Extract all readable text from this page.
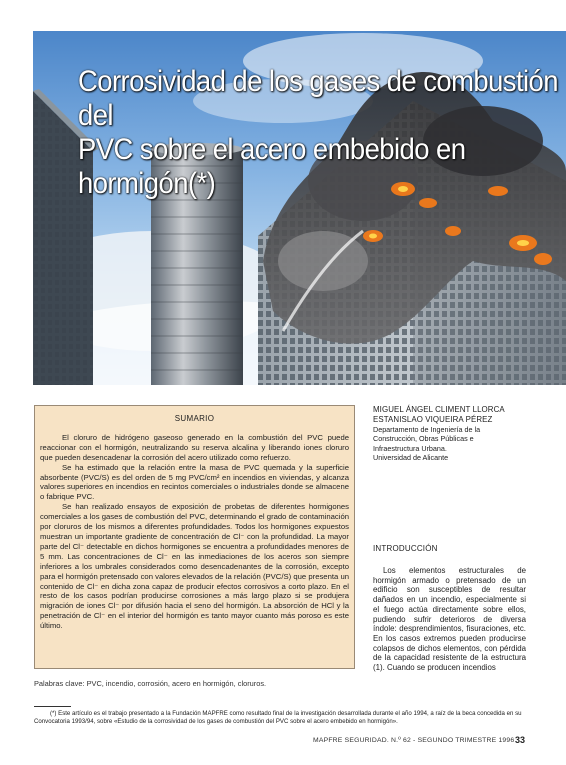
Corrosividad de los gases de combustión del
PVC sobre el acero embebido en hormigón(*)
SUMARIO

El cloruro de hidrógeno gaseoso generado en la combustión del PVC puede reaccionar con el hormigón, neutralizando su reserva alcalina y liberando iones cloruro que pueden desencadenar la corrosión del acero utilizado como refuerzo.

Se ha estimado que la relación entre la masa de PVC quemada y la superficie absorbente (PVC/S) es del orden de 5 mg PVC/cm² en incendios en viviendas, y alcanza valores superiores en incendios en recintos comerciales o industriales donde se almacene o fabrique PVC.

Se han realizado ensayos de exposición de probetas de diferentes hormigones comerciales a los gases de combustión del PVC, determinando el grado de contaminación por cloruros de los mismos a diferentes profundidades. Todos los hormigones expuestos muestran un importante gradiente de concentración de Cl⁻ con la profundidad. La mayor parte del Cl⁻ detectable en dichos hormigones se encuentra a profundidades menores de 5 mm. Las concentraciones de Cl⁻ en las inmediaciones de los aceros son siempre inferiores a los umbrales considerados como desencadenantes de la corrosión, excepto para el hormigón pretensado con valores elevados de la relación (PVC/S) que presenta un contenido de Cl⁻ en dicha zona capaz de producir efectos corrosivos a corto plazo. En el resto de los casos podrían producirse corrosiones a más largo plazo si se produjera migración de iones Cl⁻ por difusión hacia el seno del hormigón. La absorción de HCl y la penetración de Cl⁻ en el interior del hormigón es tanto mayor cuanto más poroso es este último.

Palabras clave: PVC, incendio, corrosión, acero en hormigón, cloruros.
MIGUEL ÁNGEL CLIMENT LLORCA
ESTANISLAO VIQUEIRA PÉREZ
Departamento de Ingeniería de la
Construcción, Obras Públicas e
Infraestructura Urbana.
Universidad de Alicante
INTRODUCCIÓN

Los elementos estructurales de hormigón armado o pretensado de un edificio son susceptibles de resultar dañados en un incendio, especialmente si el fuego actúa directamente sobre ellos, pudiendo sufrir deterioros de diversa índole: desprendimientos, fisuraciones, etc. En los casos extremos pueden producirse colapsos de dichos elementos, con pérdida de la capacidad resistente de la estructura (1). Cuando se producen incendios

(*) Este artículo es el trabajo presentado a la Fundación MAPFRE como resultado final de la investigación desarrollada durante el año 1994, a raíz de la beca concedida en su Convocatoria 1993/94, sobre «Estudio de la corrosividad de los gases de combustión del PVC sobre el acero embebido en hormigón».

MAPFRE SEGURIDAD. N.º 62 - SEGUNDO TRIMESTRE 1996 33
